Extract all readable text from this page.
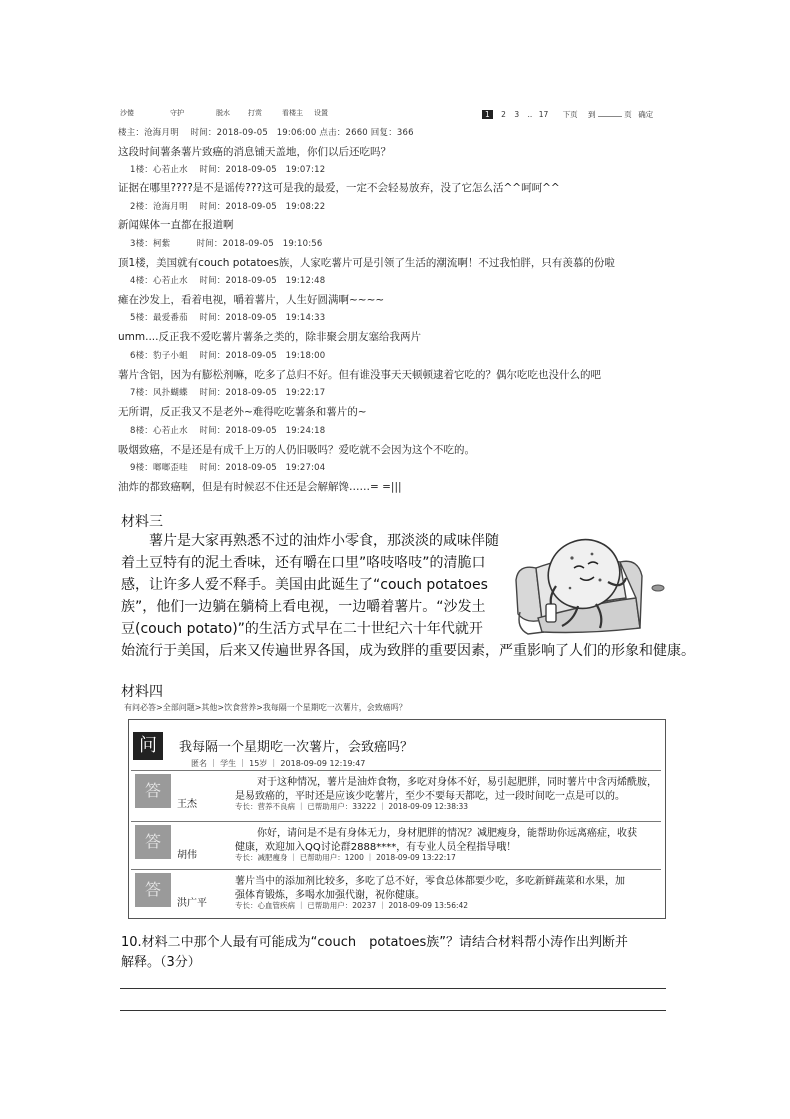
沙傻	守护	脱水	打赏	看楼主 设置	1 2 3 .. 17 下页 到	页 确定
楼主：沧海月明　 时间：2018-09-05　19:06:00 点击：2660 回复：366
这段时间薯条薯片致癌的消息铺天盖地，你们以后还吃吗？
1楼：心若止水　 时间：2018-09-05　19:07:12
证据在哪里????是不是谣传???这可是我的最爱，一定不会轻易放弃，没了它怎么活^^呵呵^^
2楼：沧海月明　 时间：2018-09-05　19:08:22
新闻媒体一直都在报道啊
3楼：柯紫　　　时间：2018-09-05　19:10:56
顶1楼，美国就有couch potatoes族，人家吃薯片可是引领了生活的潮流啊！不过我怕胖，只有羡慕的份啦
4楼：心若止水　 时间：2018-09-05　19:12:48
瘫在沙发上，看着电视，嚼着薯片，人生好圆满啊~~~~
5楼：最爱番茄　 时间：2018-09-05　19:14:33
umm....反正我不爱吃薯片薯条之类的，除非聚会朋友塞给我两片
6楼：豹子小蛆　 时间：2018-09-05　19:18:00
薯片含铝，因为有膨松剂嘛，吃多了总归不好。但有谁没事天天顿顿逮着它吃的？偶尔吃吃也没什么的吧
7楼：风扑蝴蝶　 时间：2018-09-05　19:22:17
无所谓，反正我又不是老外~难得吃吃薯条和薯片的~
8楼：心若止水　 时间：2018-09-05　19:24:18
吸烟致癌，不是还是有成千上万的人仍旧吸吗？爱吃就不会因为这个不吃的。
9楼：啷啷歪哇　 时间：2018-09-05　19:27:04
油炸的都致癌啊，但是有时候忍不住还是会解解馋……= =|||
材料三
　　薯片是大家再熟悉不过的油炸小零食，那淡淡的咸味伴随
着土豆特有的泥土香味，还有嚼在口里”咯吱咯吱”的清脆口
感，让许多人爱不释手。美国由此诞生了“couch potatoes
族”，他们一边躺在躺椅上看电视，一边嚼着薯片。“沙发土
豆(couch potato)”的生活方式早在二十世纪六十年代就开
始流行于美国，后来又传遍世界各国，成为致胖的重要因素，严重影响了人们的形象和健康。
材料四
有问必答>全部问题>其他>饮食营养>我每隔一个星期吃一次薯片，会致癌吗？
问	我每隔一个星期吃一次薯片，会致癌吗？
匿名 ｜ 学生 ｜ 15岁 ｜ 2018-09-09 12:19:47
答
王杰
对于这种情况，薯片是油炸食物，多吃对身体不好，易引起肥胖，同时薯片中含丙烯酰胺，
是易致癌的，平时还是应该少吃薯片，至少不要每天都吃，过一段时间吃一点是可以的。
专长：营养不良病 ｜ 已帮助用户：33222 ｜ 2018-09-09 12:38:33
答
胡伟
你好，请问是不是有身体无力，身材肥胖的情况？减肥瘦身，能帮助你远离癌症，收获
健康，欢迎加入QQ讨论群2888****，有专业人员全程指导哦！
专长：减肥瘦身 ｜ 已帮助用户：1200 ｜ 2018-09-09 13:22:17
答
洪广平
薯片当中的添加剂比较多，多吃了总不好，零食总体都要少吃，多吃新鲜蔬菜和水果，加
强体育锻炼，多喝水加强代谢，祝你健康。
专长：心血管疾病 ｜ 已帮助用户：20237 ｜ 2018-09-09 13:56:42
10.材料二中那个人最有可能成为“couch　potatoes族”？请结合材料帮小涛作出判断并
解释。（3分）
